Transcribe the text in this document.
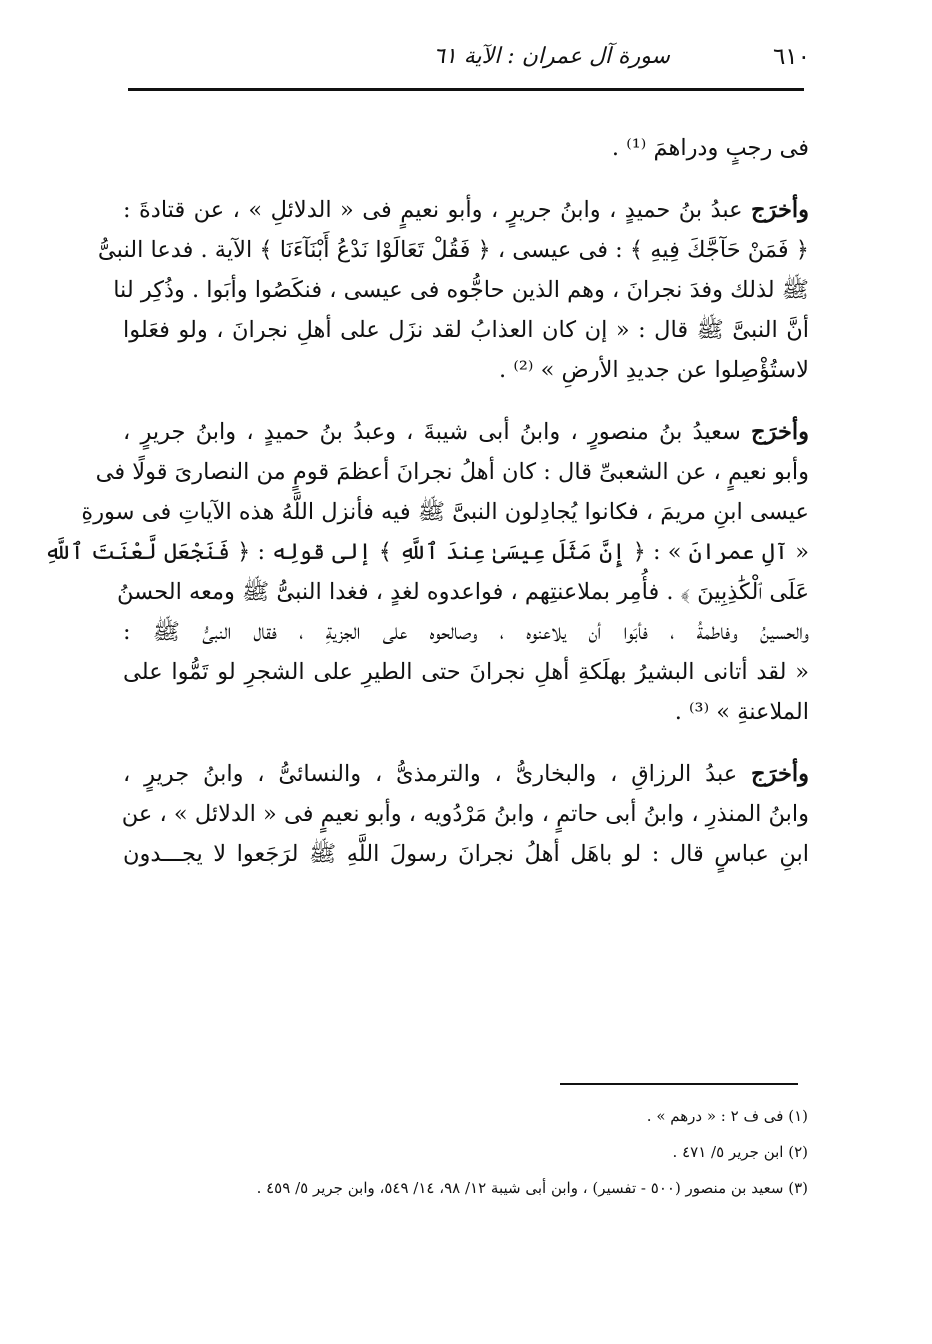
٦١٠
سورة آل عمران : الآية ٦١
فى رجبٍ ودراهمَ ⁽¹⁾ .
وأخرَج عبدُ بنُ حميدٍ ، وابنُ جريرٍ ، وأبو نعيمٍ فى « الدلائلِ » ، عن قتادةَ :
﴿ فَمَنْ حَآجَّكَ فِيهِ ﴾ : فى عيسى ، ﴿ فَقُلْ تَعَالَوْا نَدْعُ أَبْنَآءَنَا ﴾ الآية . فدعا النبىُّ
ﷺ لذلك وفدَ نجرانَ ، وهم الذين حاجُّوه فى عيسى ، فنكَصُوا وأبَوا . وذُكِر لنا
أنَّ النبىَّ ﷺ قال : « إن كان العذابُ لقد نزَل على أهلِ نجرانَ ، ولو فعَلوا
لاستُؤْصِلوا عن جديدِ الأرضِ » ⁽²⁾ .
وأخرَج سعيدُ بنُ منصورٍ ، وابنُ أبى شيبةَ ، وعبدُ بنُ حميدٍ ، وابنُ جريرٍ ،
وأبو نعيمٍ ، عن الشعبىِّ قال : كان أهلُ نجرانَ أعظمَ قومٍ من النصارىَ قولًا فى
عيسى ابنِ مريمَ ، فكانوا يُجادِلون النبىَّ ﷺ فيه فأنزل اللَّهُ هذه الآياتِ فى سورةِ
« آلِ عمرانَ » : ﴿ إِنَّ مَثَلَ عِيسَىٰ عِندَ ٱللَّهِ ﴾ إلى قولِه : ﴿ فَنَجْعَل لَّعْنَتَ ٱللَّهِ
عَلَى ٱلْكَٰذِبِينَ ﴾ . فأُمِر بملاعنتِهم ، فواعدوه لغدٍ ، فغدا النبىُّ ﷺ ومعه الحسنُ
والحسينُ وفاطمةُ ، فأبَوا أن يلاعنوه ، وصالحوه على الجزيةِ ، فقال النبىُّ ﷺ :
« لقد أتانى البشيرُ بهلَكةِ أهلِ نجرانَ حتى الطيرِ على الشجرِ لو تَمُّوا على
الملاعنةِ » ⁽³⁾ .
وأخرَج عبدُ الرزاقِ ، والبخارىُّ ، والترمذىُّ ، والنسائىُّ ، وابنُ جريرٍ ،
وابنُ المنذرِ ، وابنُ أبى حاتمٍ ، وابنُ مَرْدُويه ، وأبو نعيمٍ فى « الدلائل » ، عن
ابنِ عباسٍ قال : لو باهَل أهلُ نجرانَ رسولَ اللَّهِ ﷺ لرَجَعوا لا يجـــدون
(١) فى ف ٢ : « درهم » .
(٢) ابن جرير ٥/ ٤٧١ .
(٣) سعيد بن منصور (٥٠٠ - تفسير) ، وابن أبى شيبة ١٢/ ٩٨، ١٤/ ٥٤٩، وابن جرير ٥/ ٤٥٩ .
